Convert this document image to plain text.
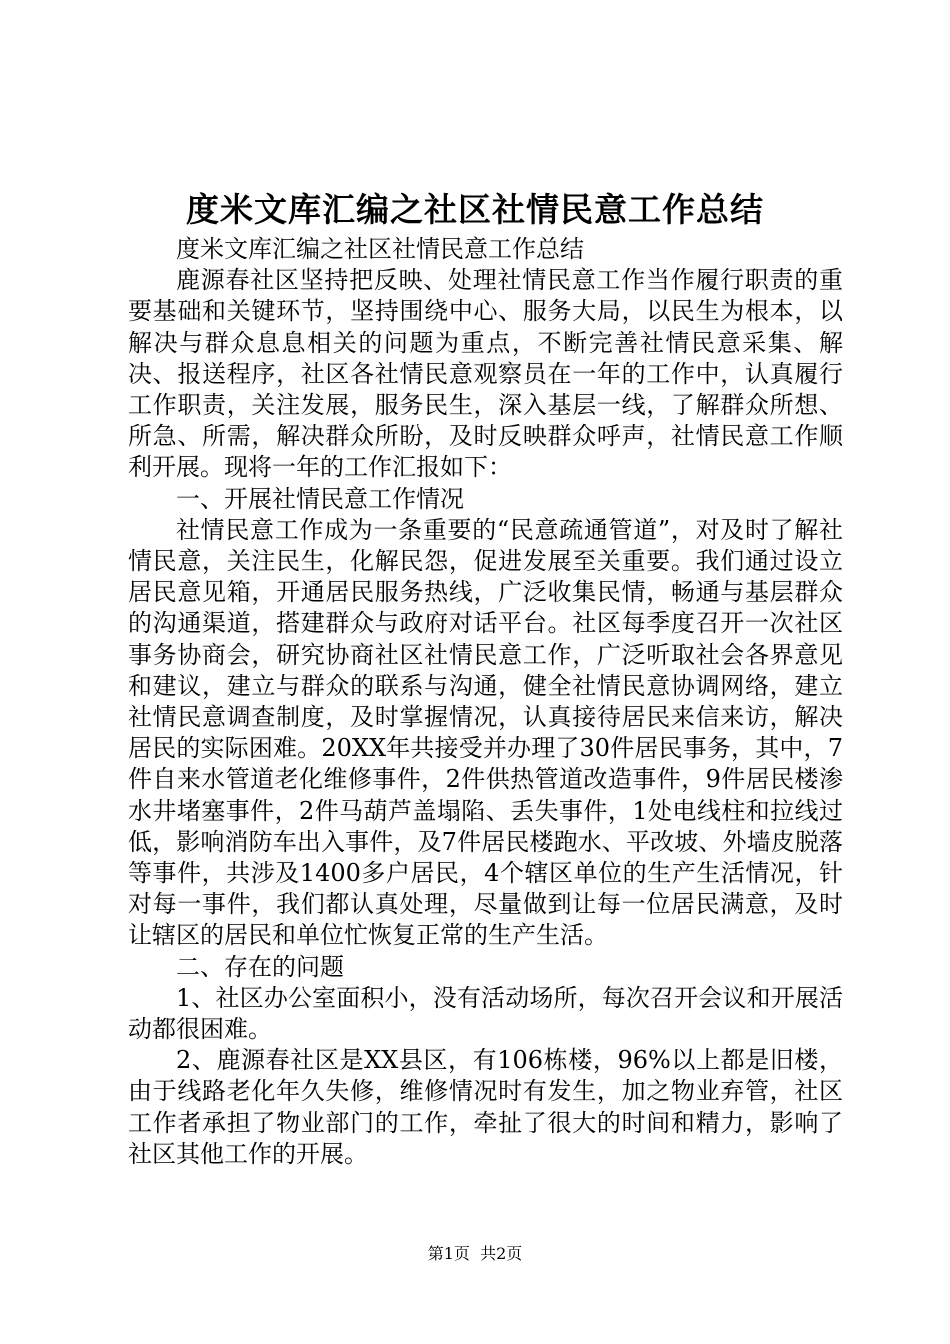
度米文库汇编之社区社情民意工作总结

度米文库汇编之社区社情民意工作总结

鹿源春社区坚持把反映、处理社情民意工作当作履行职责的重要基础和关键环节，坚持围绕中心、服务大局，以民生为根本，以解决与群众息息相关的问题为重点，不断完善社情民意采集、解决、报送程序，社区各社情民意观察员在一年的工作中，认真履行工作职责，关注发展，服务民生，深入基层一线，了解群众所想、所急、所需，解决群众所盼，及时反映群众呼声，社情民意工作顺利开展。现将一年的工作汇报如下：

一、开展社情民意工作情况

社情民意工作成为一条重要的“民意疏通管道”，对及时了解社情民意，关注民生，化解民怨，促进发展至关重要。我们通过设立居民意见箱，开通居民服务热线，广泛收集民情，畅通与基层群众的沟通渠道，搭建群众与政府对话平台。社区每季度召开一次社区事务协商会，研究协商社区社情民意工作，广泛听取社会各界意见和建议，建立与群众的联系与沟通，健全社情民意协调网络，建立社情民意调查制度，及时掌握情况，认真接待居民来信来访，解决居民的实际困难。20XX年共接受并办理了30件居民事务，其中，7件自来水管道老化维修事件，2件供热管道改造事件，9件居民楼渗水井堵塞事件，2件马葫芦盖塌陷、丢失事件，1处电线柱和拉线过低，影响消防车出入事件，及7件居民楼跑水、平改坡、外墙皮脱落等事件，共涉及1400多户居民，4个辖区单位的生产生活情况，针对每一事件，我们都认真处理，尽量做到让每一位居民满意，及时让辖区的居民和单位忙恢复正常的生产生活。

二、存在的问题

1、社区办公室面积小，没有活动场所，每次召开会议和开展活动都很困难。

2、鹿源春社区是XX县区，有106栋楼，96%以上都是旧楼，由于线路老化年久失修，维修情况时有发生，加之物业弃管，社区工作者承担了物业部门的工作，牵扯了很大的时间和精力，影响了社区其他工作的开展。

第1页 共2页
